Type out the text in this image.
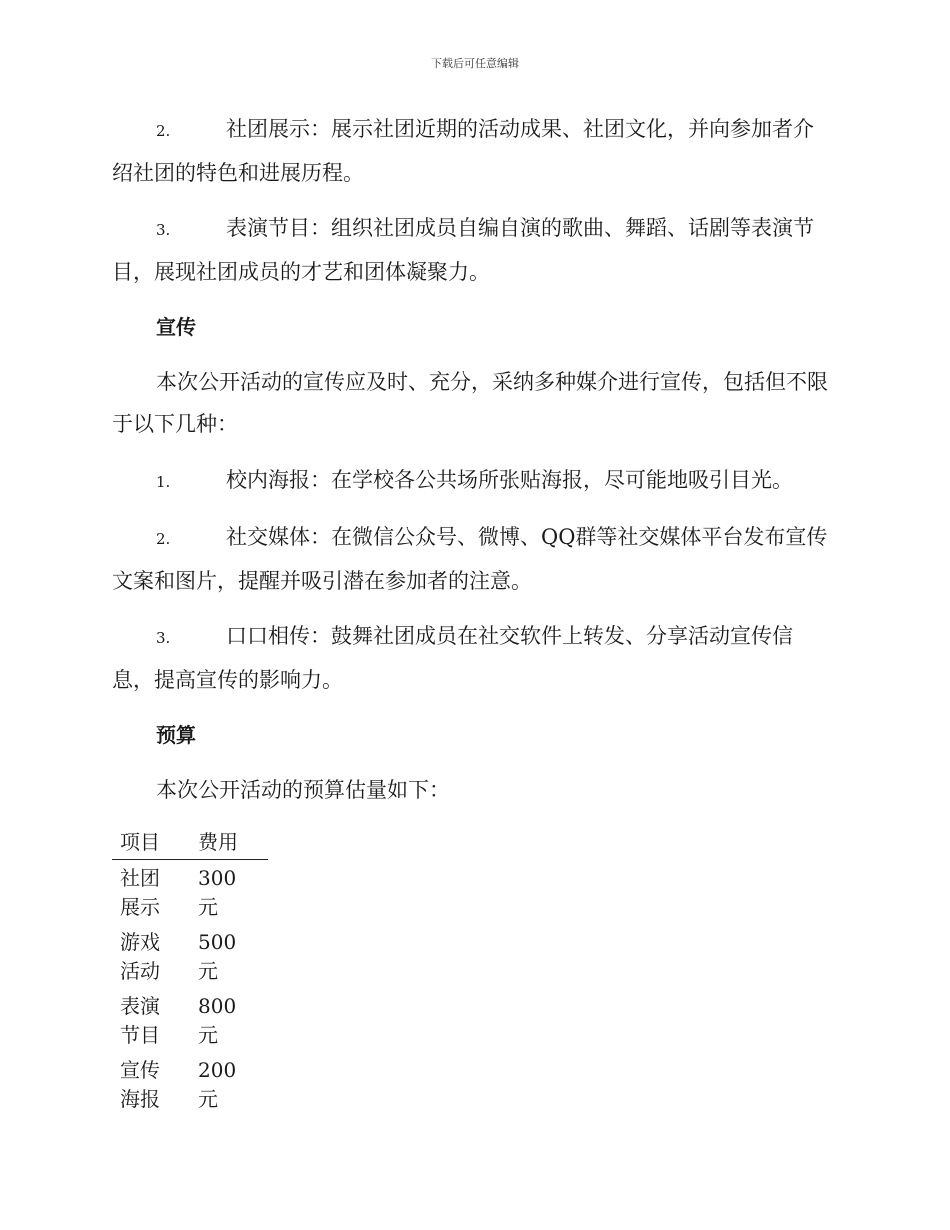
下载后可任意编辑
2.	社团展示：展示社团近期的活动成果、社团文化，并向参加者介绍社团的特色和进展历程。
3.	表演节目：组织社团成员自编自演的歌曲、舞蹈、话剧等表演节目，展现社团成员的才艺和团体凝聚力。
宣传

本次公开活动的宣传应及时、充分，采纳多种媒介进行宣传，包括但不限于以下几种：

1.	校内海报：在学校各公共场所张贴海报，尽可能地吸引目光。
2.	社交媒体：在微信公众号、微博、QQ群等社交媒体平台发布宣传文案和图片，提醒并吸引潜在参加者的注意。
3.	口口相传：鼓舞社团成员在社交软件上转发、分享活动宣传信息，提高宣传的影响力。
预算

本次公开活动的预算估量如下：

项目	费用

社团展示	300元

游戏活动	500元

表演节目	800元

宣传海报	200元
